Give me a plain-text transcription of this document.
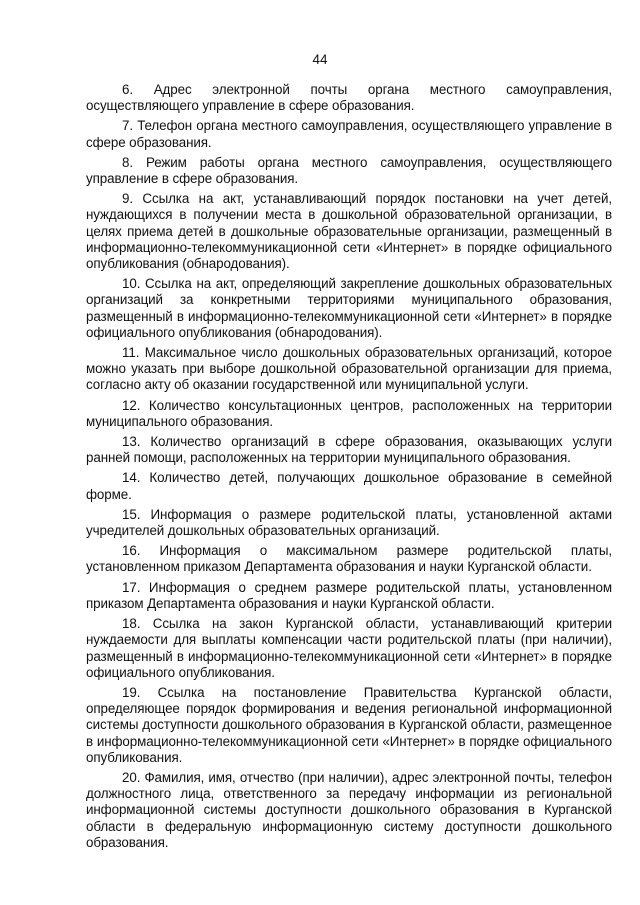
44

6. Адрес электронной почты органа местного самоуправления, осуществляющего управление в сфере образования.

7. Телефон органа местного самоуправления, осуществляющего управление в сфере образования.

8. Режим работы органа местного самоуправления, осуществляющего управление в сфере образования.

9. Ссылка на акт, устанавливающий порядок постановки на учет детей, нуждающихся в получении места в дошкольной образовательной организации, в целях приема детей в дошкольные образовательные организации, размещенный в информационно-телекоммуникационной сети «Интернет» в порядке официального опубликования (обнародования).

10. Ссылка на акт, определяющий закрепление дошкольных образовательных организаций за конкретными территориями муниципального образования, размещенный в информационно-телекоммуникационной сети «Интернет» в порядке официального опубликования (обнародования).

11. Максимальное число дошкольных образовательных организаций, которое можно указать при выборе дошкольной образовательной организации для приема, согласно акту об оказании государственной или муниципальной услуги.

12. Количество консультационных центров, расположенных на территории муниципального образования.

13. Количество организаций в сфере образования, оказывающих услуги ранней помощи, расположенных на территории муниципального образования.

14. Количество детей, получающих дошкольное образование в семейной форме.

15. Информация о размере родительской платы, установленной актами учредителей дошкольных образовательных организаций.

16. Информация о максимальном размере родительской платы, установленном приказом Департамента образования и науки Курганской области.

17. Информация о среднем размере родительской платы, установленном приказом Департамента образования и науки Курганской области.

18. Ссылка на закон Курганской области, устанавливающий критерии нуждаемости для выплаты компенсации части родительской платы (при наличии), размещенный в информационно-телекоммуникационной сети «Интернет» в порядке официального опубликования.

19. Ссылка на постановление Правительства Курганской области, определяющее порядок формирования и ведения региональной информационной системы доступности дошкольного образования в Курганской области, размещенное в информационно-телекоммуникационной сети «Интернет» в порядке официального опубликования.

20. Фамилия, имя, отчество (при наличии), адрес электронной почты, телефон должностного лица, ответственного за передачу информации из региональной информационной системы доступности дошкольного образования в Курганской области в федеральную информационную систему доступности дошкольного образования.
